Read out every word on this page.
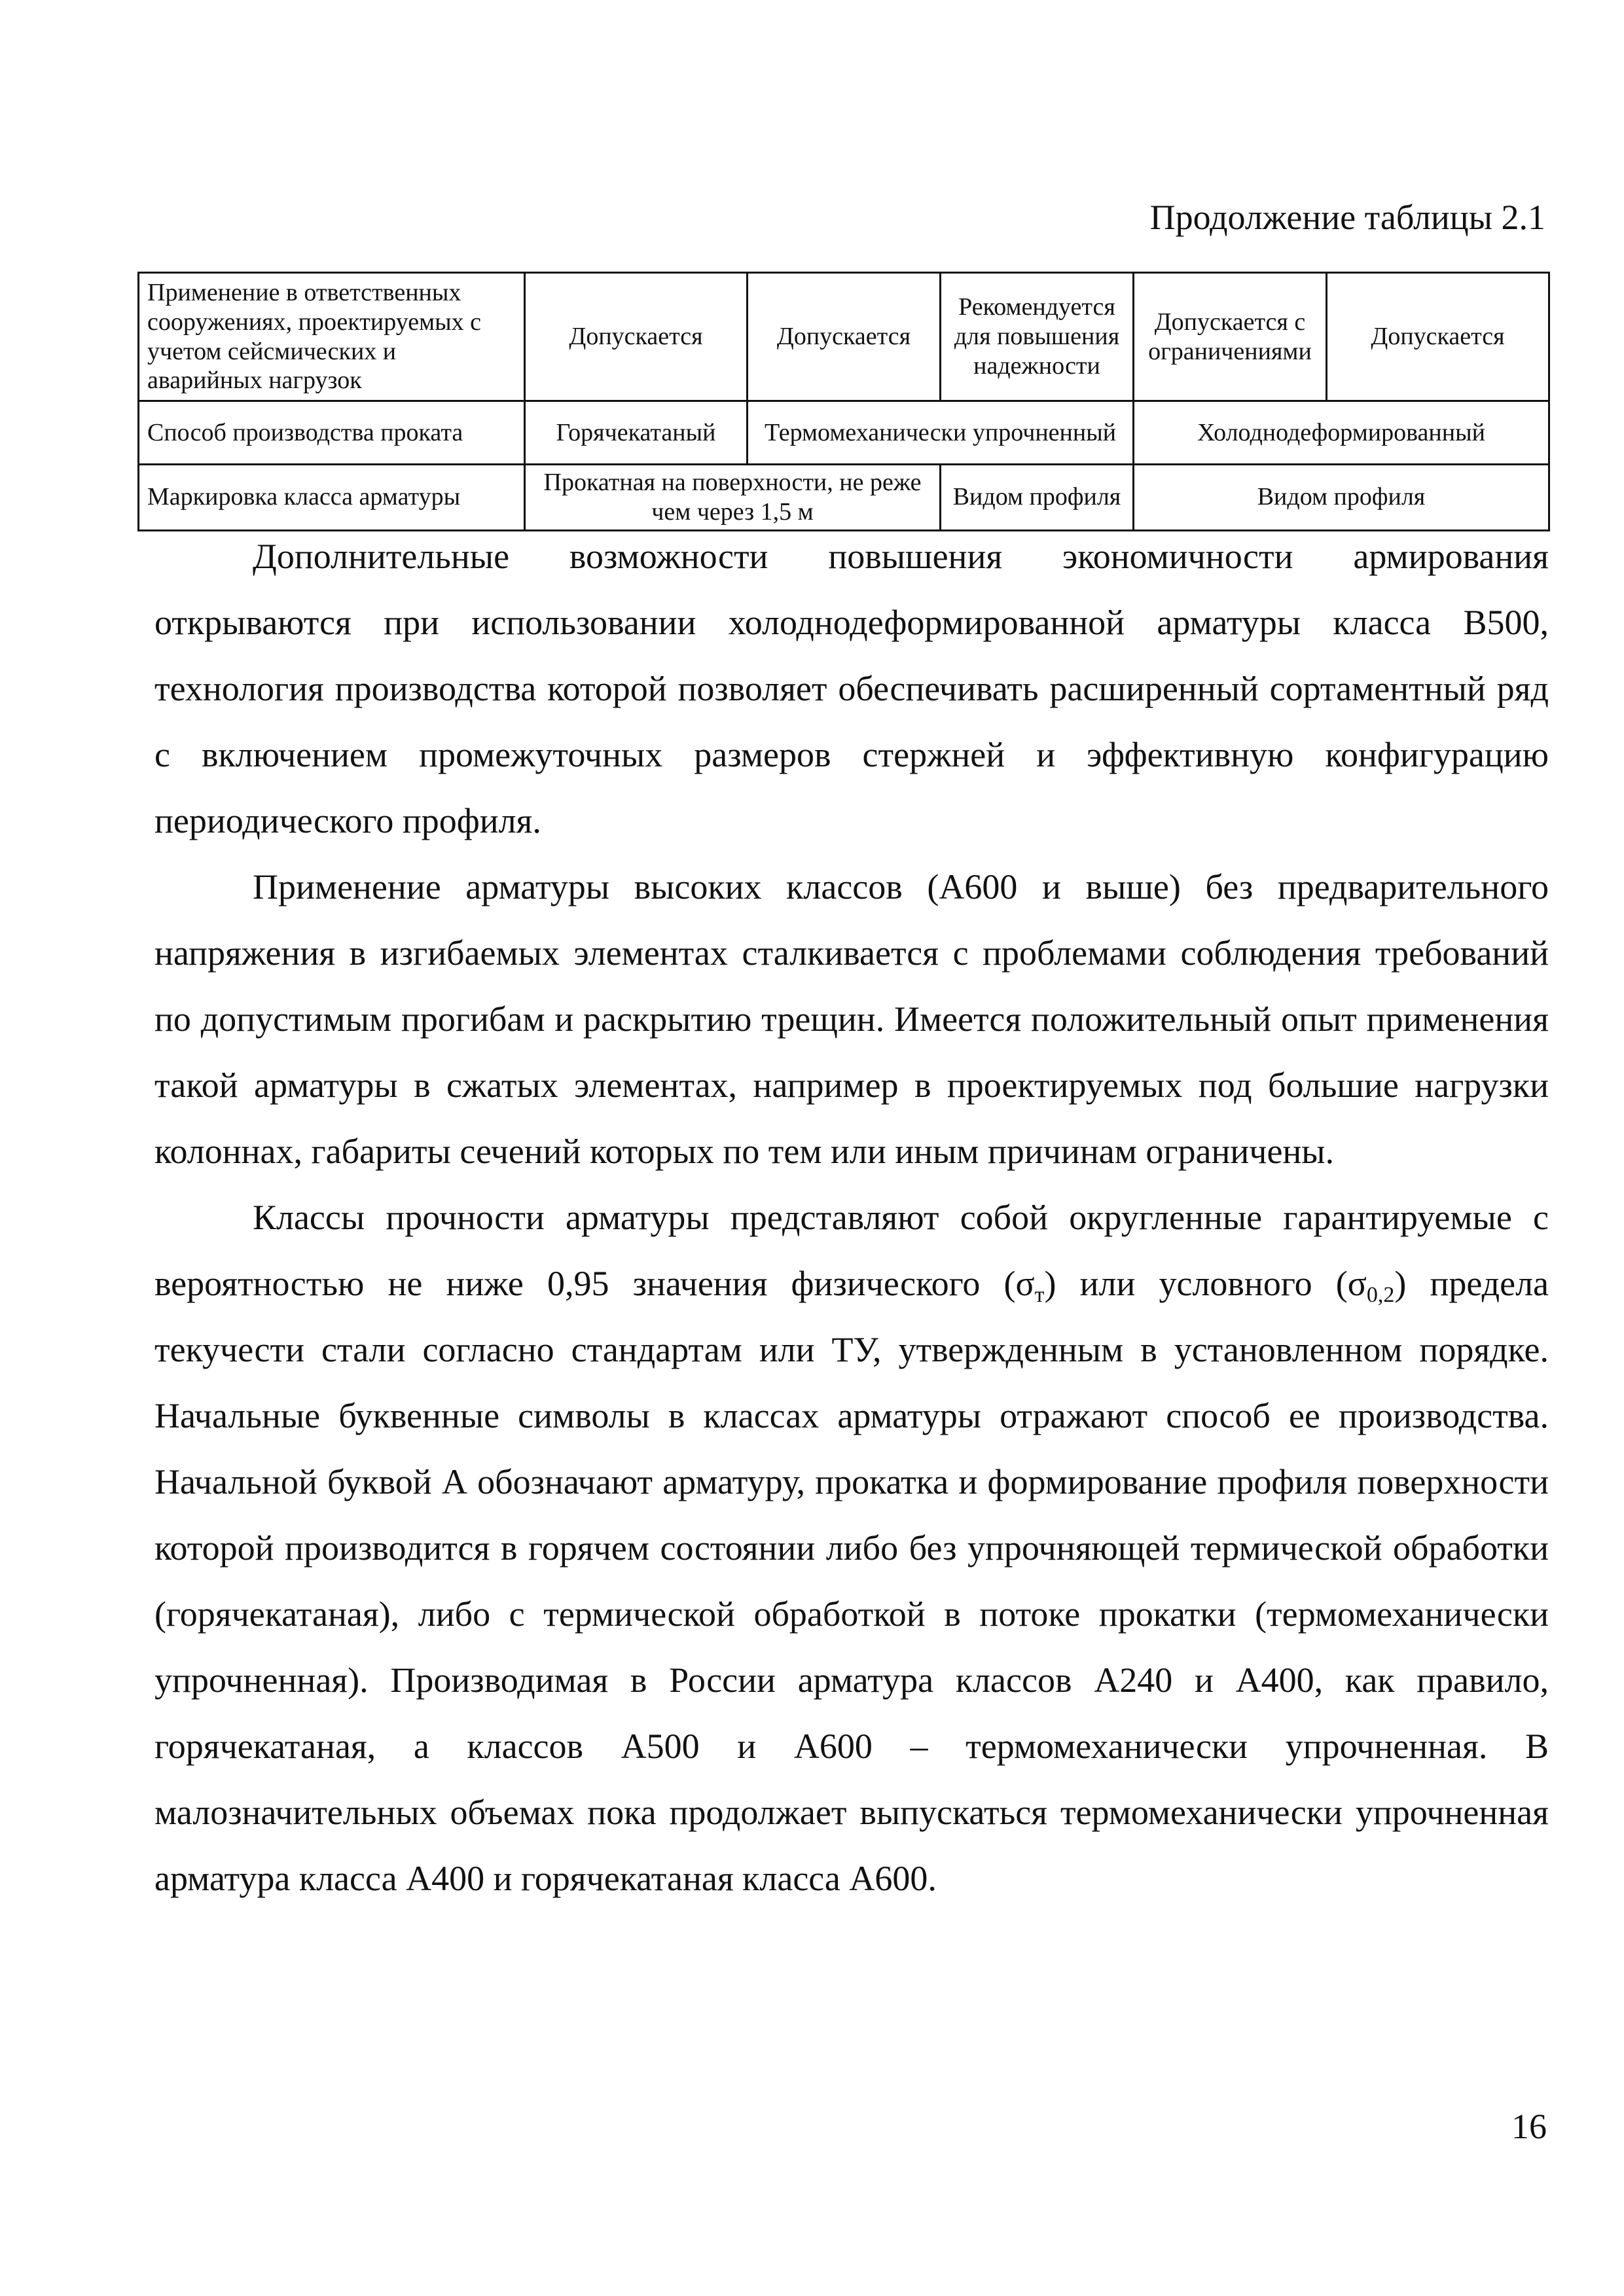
Продолжение таблицы 2.1
Применение в ответственных сооружениях, проектируемых с учетом сейсмических и аварийных нагрузок	Допускается	Допускается	Рекомендуется для повышения надежности	Допускается с ограничениями	Допускается
Способ производства проката	Горячекатаный	Термомеханически упрочненный		Холоднодеформированный	
Маркировка класса арматуры	Прокатная на поверхности, не реже чем через 1,5 м		Видом профиля	Видом профиля	

Дополнительные возможности повышения экономичности армирования открываются при использовании холоднодеформированной арматуры класса В500, технология производства которой позволяет обеспечивать расширенный сортаментный ряд с включением промежуточных размеров стержней и эффективную конфигурацию периодического профиля.

Применение арматуры высоких классов (А600 и выше) без предварительного напряжения в изгибаемых элементах сталкивается с проблемами соблюдения требований по допустимым прогибам и раскрытию трещин. Имеется положительный опыт применения такой арматуры в сжатых элементах, например в проектируемых под большие нагрузки колоннах, габариты сечений которых по тем или иным причинам ограничены.

Классы прочности арматуры представляют собой округленные гарантируемые с вероятностью не ниже 0,95 значения физического $(\sigma_т)$ или условного $(\sigma_{0,2})$ предела текучести стали согласно стандартам или ТУ, утвержденным в установленном порядке. Начальные буквенные символы в классах арматуры отражают способ ее производства. Начальной буквой А обозначают арматуру, прокатка и формирование профиля поверхности которой производится в горячем состоянии либо без упрочняющей термической обработки (горячекатаная), либо с термической обработкой в потоке прокатки (термомеханически упрочненная). Производимая в России арматура классов А240 и А400, как правило, горячекатаная, а классов А500 и А600 – термомеханически упрочненная. В малозначительных объемах пока продолжает выпускаться термомеханически упрочненная арматура класса А400 и горячекатаная класса А600.

16
